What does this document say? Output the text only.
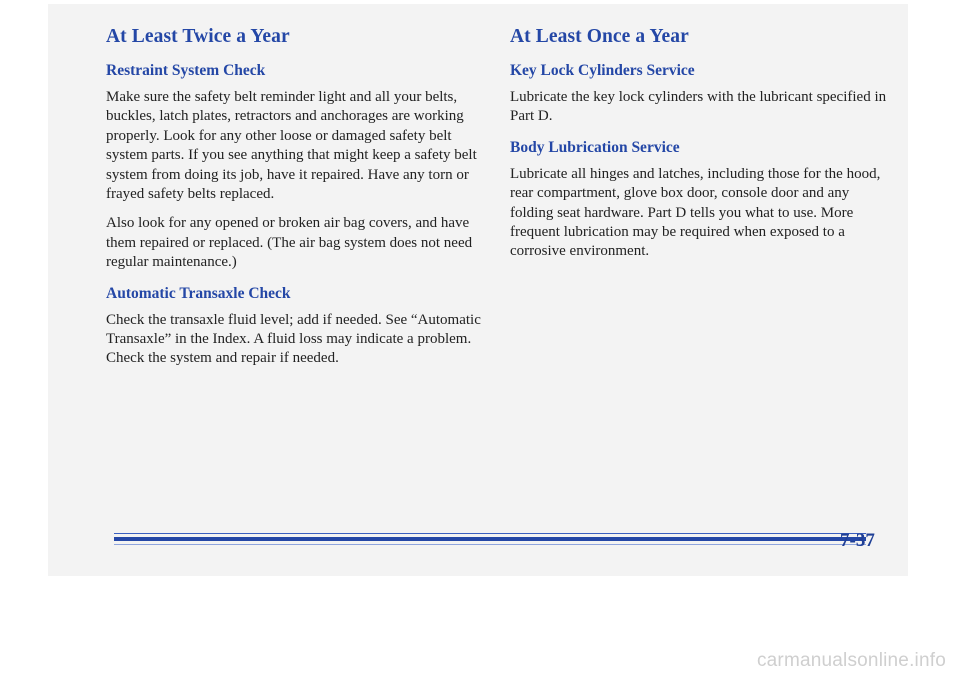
At Least Twice a Year
Restraint System Check

Make sure the safety belt reminder light and all your belts, buckles, latch plates, retractors and anchorages are working properly. Look for any other loose or damaged safety belt system parts. If you see anything that might keep a safety belt system from doing its job, have it repaired. Have any torn or frayed safety belts replaced.

Also look for any opened or broken air bag covers, and have them repaired or replaced. (The air bag system does not need regular maintenance.)

Automatic Transaxle Check

Check the transaxle fluid level; add if needed. See “Automatic Transaxle” in the Index. A fluid loss may indicate a problem. Check the system and repair if needed.

At Least Once a Year
Key Lock Cylinders Service

Lubricate the key lock cylinders with the lubricant specified in Part D.

Body Lubrication Service

Lubricate all hinges and latches, including those for the hood, rear compartment, glove box door, console door and any folding seat hardware. Part D tells you what to use. More frequent lubrication may be required when exposed to a corrosive environment.

7-37
carmanualsonline.info
